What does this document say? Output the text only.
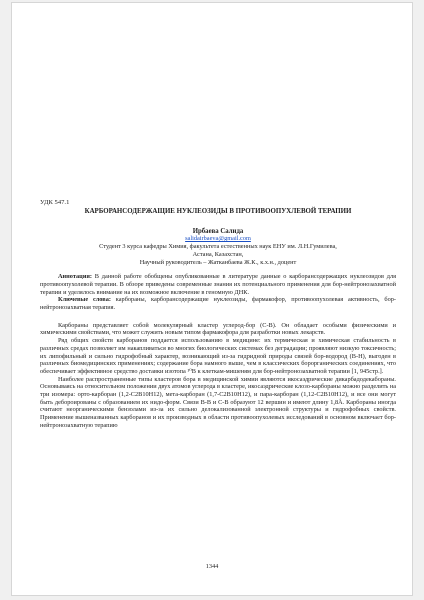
УДК 547.1
КАРБОРАНСОДЕРЖАЩИЕ НУКЛЕОЗИДЫ В ПРОТИВООПУХЛЕВОЙ ТЕРАПИИ
Ирбаева Салида
salidairbaeva@gmail.com
Студент 3 курса кафедры Химия, факультета естественных наук ЕНУ им. Л.Н.Гумилева,
Астана, Казахстан,
Научный руководитель – Жатканбаева Ж.К., к.х.н., доцент

Аннотация: В данной работе обобщены опубликованные в литературе данные о карборансодержащих нуклеозидов для противоопухолевой терапии. В обзоре приведены современные знания их потенциального применения для бор-нейтронозахватной терапии и уделялось внимание на их возможное включение в геномную ДНК.

Ключевые слова: карбораны, карборансодержащие нуклеозиды, фармакофор, противоопухолевая активность, бор-нейтронозахватная терапия.

Карбораны представляет собой молекулярный кластер углерод-бор (C-B). Он обладает особыми физическими и химическими свойствами, что может служить новым типом фармакофора для разработки новых лекарств.

Ряд общих свойств карборанов поддается использованию в медицине: их термическая и химическая стабильность в различных средах позволяет им накапливаться во многих биологических системах без деградации; проявляют низкую токсичность; их липофильный и сильно гидрофобный характер, возникающий из-за гидридной природы связей бор-водород (B-H), выгоден в различных биомедицинских применениях; содержание бора намного выше, чем в классических борорганических соединениях, что обеспечивает эффективное средство доставки изотопа ¹⁰B к клеткам-мишеням для бор-нейтронозахватной терапии [1, 945стр.].

Наиболее распространенные типы кластеров бора в медицинской химии являются икосаэдрические дикарбадодекабораны. Основываясь на относительном положении двух атомов углерода в кластере, икосаэдрические клозо-карбораны можно разделить на три изомера: орто-карборан (1,2-C2B10H12), мета-карборан (1,7-C2B10H12), и пара-карборан (1,12-C2B10H12), и все они могут быть дебороированы с образованием их нидо-форм. Связи B-B и C-B образуют 12 вершин и имеют длину 1,8Å. Карбораны иногда считают неорганическими бензолами из-за их сильно делокализованной электронной структуры и гидрофобных свойств. Применение вышеназванных карборанов и их производных в области противоопухолевых исследований в основном включает бор-нейтронозахватную терапию

1344
